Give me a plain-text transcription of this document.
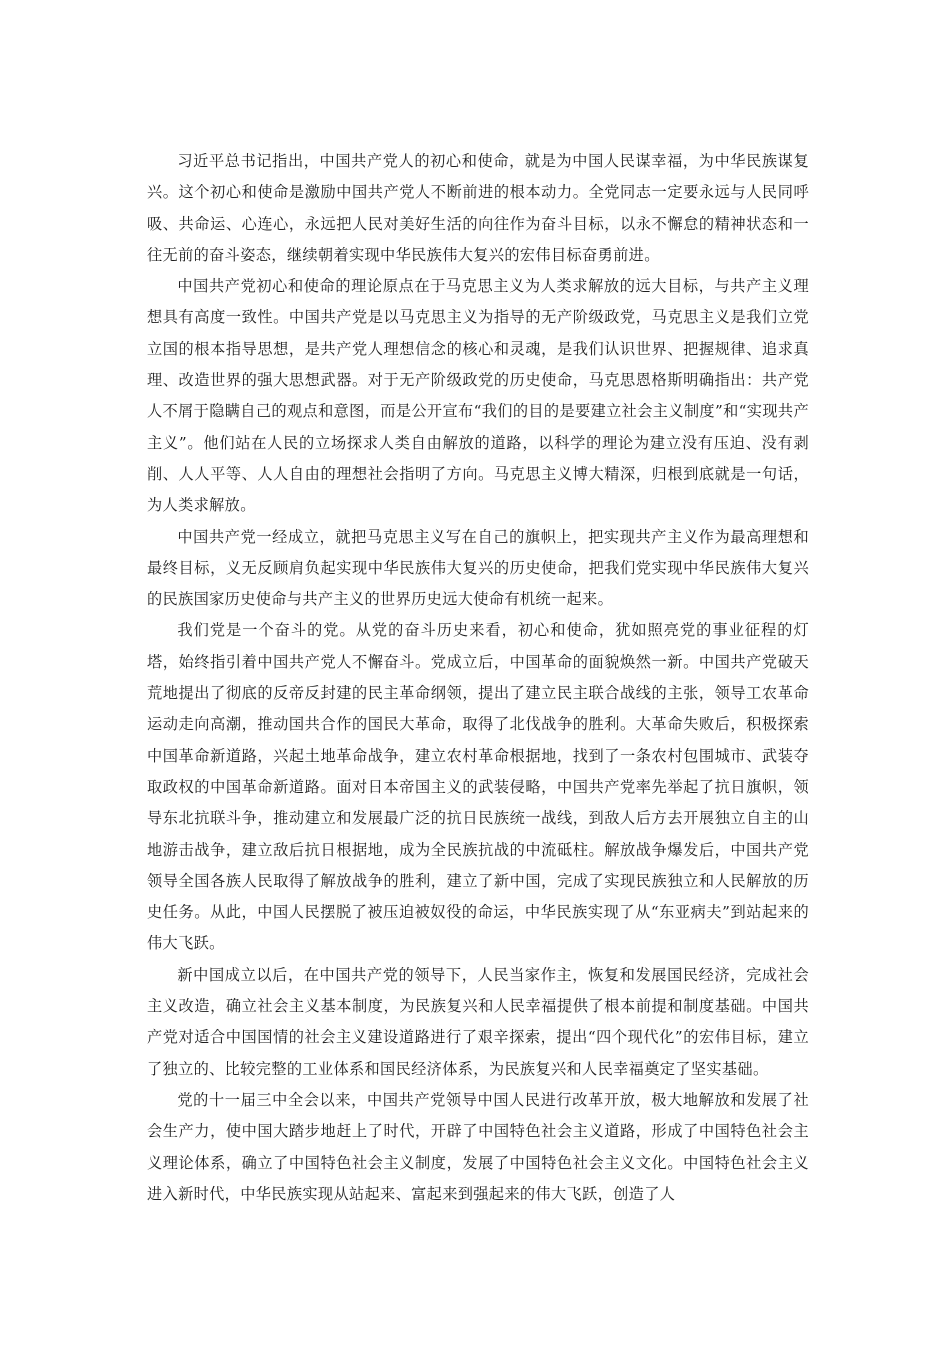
习近平总书记指出，中国共产党人的初心和使命，就是为中国人民谋幸福，为中华民族谋复兴。这个初心和使命是激励中国共产党人不断前进的根本动力。全党同志一定要永远与人民同呼吸、共命运、心连心，永远把人民对美好生活的向往作为奋斗目标，以永不懈怠的精神状态和一往无前的奋斗姿态，继续朝着实现中华民族伟大复兴的宏伟目标奋勇前进。

中国共产党初心和使命的理论原点在于马克思主义为人类求解放的远大目标，与共产主义理想具有高度一致性。中国共产党是以马克思主义为指导的无产阶级政党，马克思主义是我们立党立国的根本指导思想，是共产党人理想信念的核心和灵魂，是我们认识世界、把握规律、追求真理、改造世界的强大思想武器。对于无产阶级政党的历史使命，马克思恩格斯明确指出：共产党人不屑于隐瞒自己的观点和意图，而是公开宣布“我们的目的是要建立社会主义制度”和“实现共产主义”。他们站在人民的立场探求人类自由解放的道路，以科学的理论为建立没有压迫、没有剥削、人人平等、人人自由的理想社会指明了方向。马克思主义博大精深，归根到底就是一句话，为人类求解放。

中国共产党一经成立，就把马克思主义写在自己的旗帜上，把实现共产主义作为最高理想和最终目标，义无反顾肩负起实现中华民族伟大复兴的历史使命，把我们党实现中华民族伟大复兴的民族国家历史使命与共产主义的世界历史远大使命有机统一起来。

我们党是一个奋斗的党。从党的奋斗历史来看，初心和使命，犹如照亮党的事业征程的灯塔，始终指引着中国共产党人不懈奋斗。党成立后，中国革命的面貌焕然一新。中国共产党破天荒地提出了彻底的反帝反封建的民主革命纲领，提出了建立民主联合战线的主张，领导工农革命运动走向高潮，推动国共合作的国民大革命，取得了北伐战争的胜利。大革命失败后，积极探索中国革命新道路，兴起土地革命战争，建立农村革命根据地，找到了一条农村包围城市、武装夺取政权的中国革命新道路。面对日本帝国主义的武装侵略，中国共产党率先举起了抗日旗帜，领导东北抗联斗争，推动建立和发展最广泛的抗日民族统一战线，到敌人后方去开展独立自主的山地游击战争，建立敌后抗日根据地，成为全民族抗战的中流砥柱。解放战争爆发后，中国共产党领导全国各族人民取得了解放战争的胜利，建立了新中国，完成了实现民族独立和人民解放的历史任务。从此，中国人民摆脱了被压迫被奴役的命运，中华民族实现了从“东亚病夫”到站起来的伟大飞跃。

新中国成立以后，在中国共产党的领导下，人民当家作主，恢复和发展国民经济，完成社会主义改造，确立社会主义基本制度，为民族复兴和人民幸福提供了根本前提和制度基础。中国共产党对适合中国国情的社会主义建设道路进行了艰辛探索，提出“四个现代化”的宏伟目标，建立了独立的、比较完整的工业体系和国民经济体系，为民族复兴和人民幸福奠定了坚实基础。

党的十一届三中全会以来，中国共产党领导中国人民进行改革开放，极大地解放和发展了社会生产力，使中国大踏步地赶上了时代，开辟了中国特色社会主义道路，形成了中国特色社会主义理论体系，确立了中国特色社会主义制度，发展了中国特色社会主义文化。中国特色社会主义进入新时代，中华民族实现从站起来、富起来到强起来的伟大飞跃，创造了人
